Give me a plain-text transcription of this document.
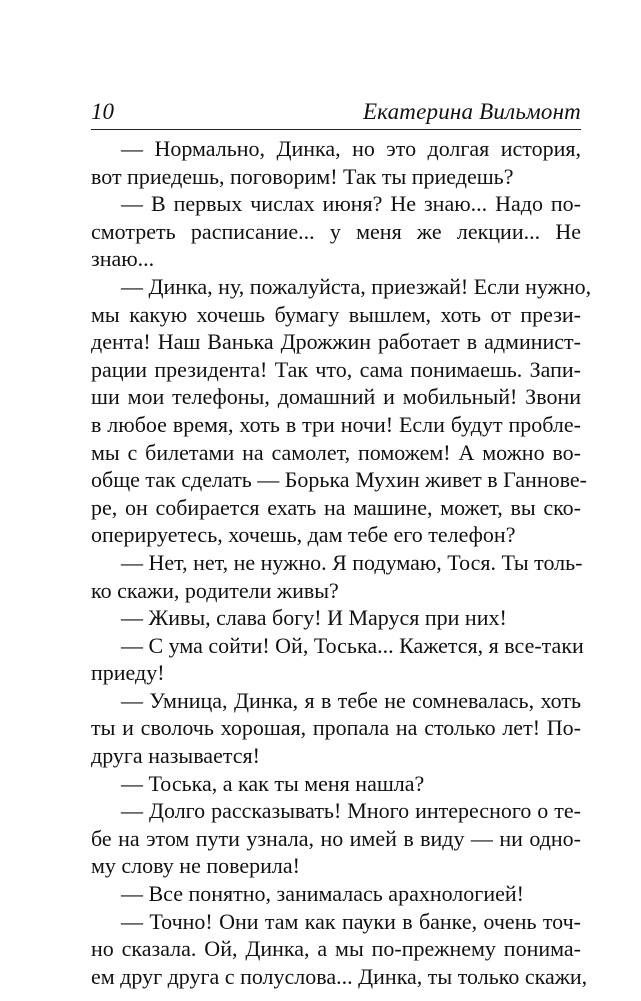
10	Екатерина Вильмонт
— Нормально, Динка, но это долгая история,
вот приедешь, поговорим! Так ты приедешь?
— В первых числах июня? Не знаю... Надо по-
смотреть расписание... у меня же лекции... Не
знаю...
— Динка, ну, пожалуйста, приезжай! Если нужно,
мы какую хочешь бумагу вышлем, хоть от прези-
дента! Наш Ванька Дрожжин работает в админист-
рации президента! Так что, сама понимаешь. Запи-
ши мои телефоны, домашний и мобильный! Звони
в любое время, хоть в три ночи! Если будут пробле-
мы с билетами на самолет, поможем! А можно во-
обще так сделать — Борька Мухин живет в Ганнове-
ре, он собирается ехать на машине, может, вы ско-
оперируетесь, хочешь, дам тебе его телефон?
— Нет, нет, не нужно. Я подумаю, Тося. Ты толь-
ко скажи, родители живы?
— Живы, слава богу! И Маруся при них!
— С ума сойти! Ой, Тоська... Кажется, я все-таки
приеду!
— Умница, Динка, я в тебе не сомневалась, хоть
ты и сволочь хорошая, пропала на столько лет! По-
друга называется!
— Тоська, а как ты меня нашла?
— Долго рассказывать! Много интересного о те-
бе на этом пути узнала, но имей в виду — ни одно-
му слову не поверила!
— Все понятно, занималась арахнологией!
— Точно! Они там как пауки в банке, очень точ-
но сказала. Ой, Динка, а мы по-прежнему понима-
ем друг друга с полуслова... Динка, ты только скажи,
